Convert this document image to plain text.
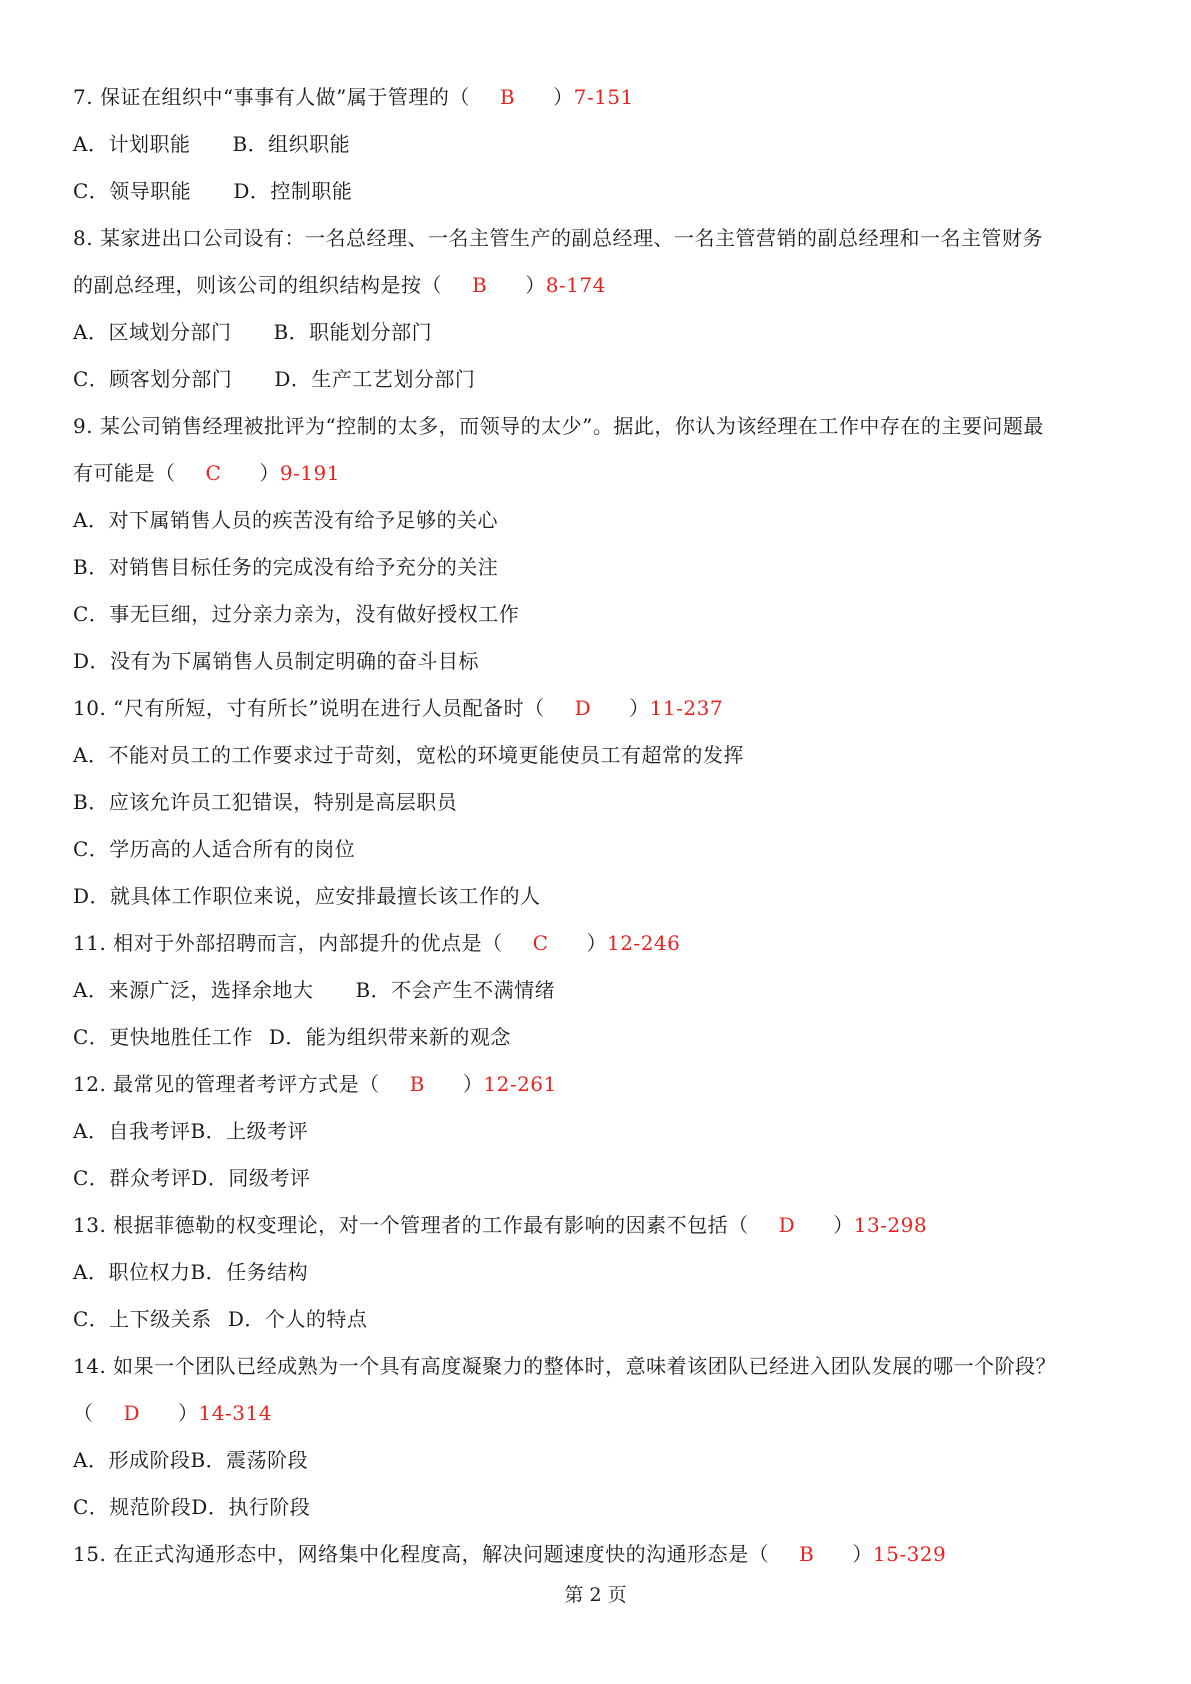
7. 保证在组织中“事事有人做”属于管理的（ B ）7-151
A．计划职能 B．组织职能
C．领导职能 D．控制职能
8. 某家进出口公司设有：一名总经理、一名主管生产的副总经理、一名主管营销的副总经理和一名主管财务
的副总经理，则该公司的组织结构是按（ B ）8-174
A．区域划分部门 B．职能划分部门
C．顾客划分部门 D．生产工艺划分部门
9. 某公司销售经理被批评为“控制的太多，而领导的太少”。据此，你认为该经理在工作中存在的主要问题最
有可能是（ C ）9-191
A．对下属销售人员的疾苦没有给予足够的关心
B．对销售目标任务的完成没有给予充分的关注
C．事无巨细，过分亲力亲为，没有做好授权工作
D．没有为下属销售人员制定明确的奋斗目标
10. “尺有所短，寸有所长”说明在进行人员配备时（ D ）11-237
A．不能对员工的工作要求过于苛刻，宽松的环境更能使员工有超常的发挥
B．应该允许员工犯错误，特别是高层职员
C．学历高的人适合所有的岗位
D．就具体工作职位来说，应安排最擅长该工作的人
11. 相对于外部招聘而言，内部提升的优点是（ C ）12-246
A．来源广泛，选择余地大 B．不会产生不满情绪
C．更快地胜任工作 D．能为组织带来新的观念
12. 最常见的管理者考评方式是（ B ）12-261
A．自我考评B．上级考评
C．群众考评D．同级考评
13. 根据菲德勒的权变理论，对一个管理者的工作最有影响的因素不包括（ D ）13-298
A．职位权力B．任务结构
C．上下级关系 D．个人的特点
14. 如果一个团队已经成熟为一个具有高度凝聚力的整体时，意味着该团队已经进入团队发展的哪一个阶段？
（ D ）14-314
A．形成阶段B．震荡阶段
C．规范阶段D．执行阶段
15. 在正式沟通形态中，网络集中化程度高，解决问题速度快的沟通形态是（ B ）15-329
第 2 页
